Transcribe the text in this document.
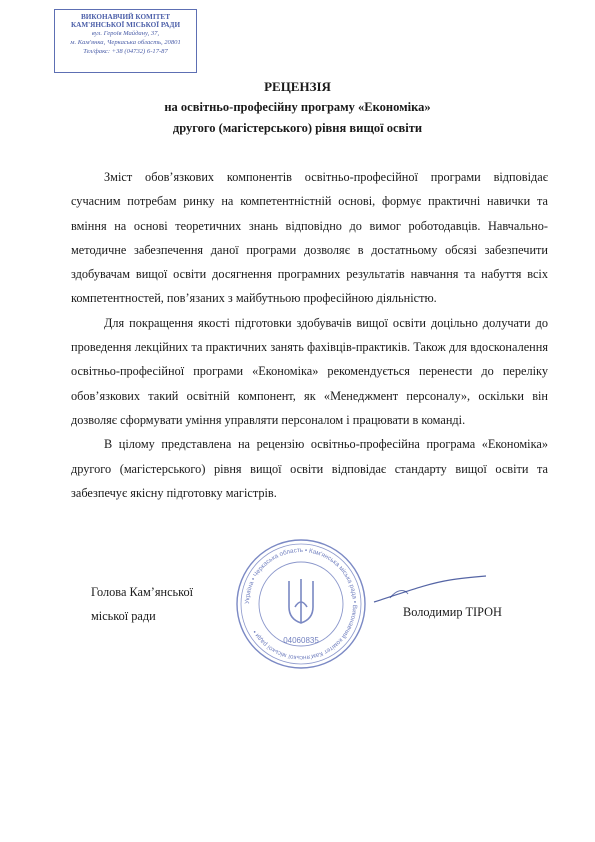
ВИКОНАВЧИЙ КОМІТЕТ
КАМ'ЯНСЬКОЇ МІСЬКОЇ РАДИ
вул. Героїв Майдану, 37,
м. Кам'янка, Черкаська область, 20801
Тел/факс: +38 (04732) 6-17-87
РЕЦЕНЗІЯ
на освітньо-професійну програму «Економіка»
другого (магістерського) рівня вищої освіти

Зміст обов’язкових компонентів освітньо-професійної програми відповідає сучасним потребам ринку на компетентністній основі, формує практичні навички та вміння на основі теоретичних знань відповідно до вимог роботодавців. Навчально-методичне забезпечення даної програми дозволяє в достатньому обсязі забезпечити здобувачам вищої освіти досягнення програмних результатів навчання та набуття всіх компетентностей, пов’язаних з майбутньою професійною діяльністю.

Для покращення якості підготовки здобувачів вищої освіти доцільно долучати до проведення лекційних та практичних занять фахівців-практиків. Також для вдосконалення освітньо-професійної програми «Економіка» рекомендується перенести до переліку обов’язкових такий освітній компонент, як «Менеджмент персоналу», оскільки він дозволяє сформувати уміння управляти персоналом і працювати в команді.

В цілому представлена на рецензію освітньо-професійна програма «Економіка» другого (магістерського) рівня вищої освіти відповідає стандарту вищої освіти та забезпечує якісну підготовку магістрів.

Голова Кам’янської
міської ради
Україна • Черкаська область • Кам'янська міська рада • Виконавчий комітет Кам'янської міської ради •
04060835
Володимир ТІРОН
